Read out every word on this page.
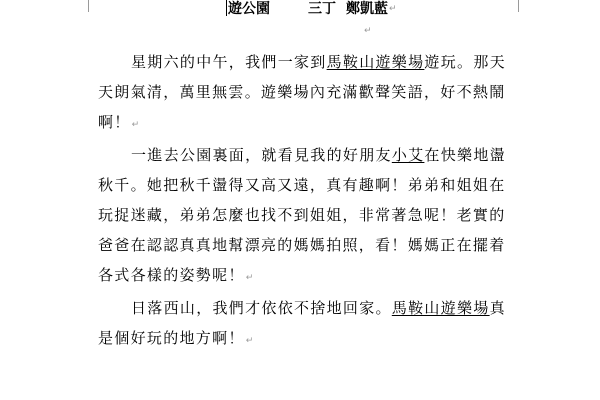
遊公園	三丁 鄭凱藍 ↵
↵

星期六的中午，我們一家到馬鞍山遊樂場遊玩。那天天朗氣清，萬里無雲。遊樂場內充滿歡聲笑語，好不熱鬧啊！↵

一進去公園裏面，就看見我的好朋友小艾在快樂地盪秋千。她把秋千盪得又高又遠，真有趣啊！弟弟和姐姐在玩捉迷藏，弟弟怎麼也找不到姐姐，非常著急呢！老實的爸爸在認認真真地幫漂亮的媽媽拍照，看！媽媽正在擺着各式各樣的姿勢呢！↵

日落西山，我們才依依不捨地回家。馬鞍山遊樂場真是個好玩的地方啊！↵
